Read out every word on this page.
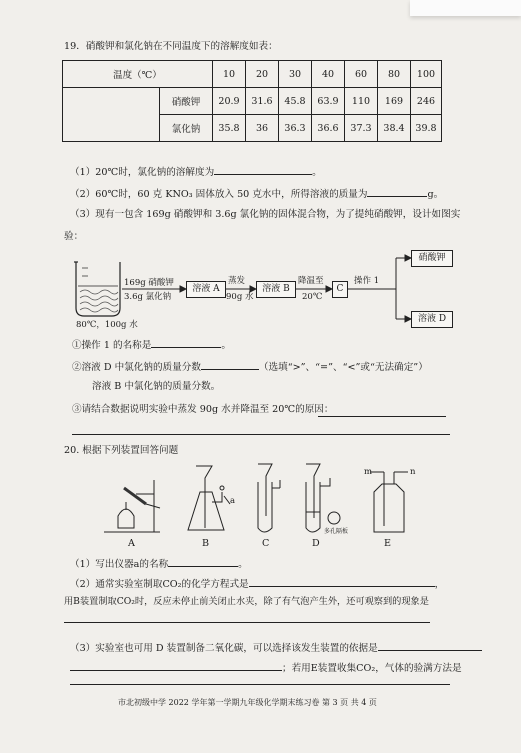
19．硝酸钾和氯化钠在不同温度下的溶解度如表：
温度（℃）		10	20	30	40	60	80	100
	硝酸钾	20.9	31.6	45.8	63.9	110	169	246
	氯化钠	35.8	36	36.3	36.6	37.3	38.4	39.8
（1）20℃时，氯化钠的溶解度为	。
（2）60℃时，60 克 KNO₃ 固体放入 50 克水中，所得溶液的质量为	g。
（3）现有一包含 169g 硝酸钾和 3.6g 氯化钠的固体混合物，为了提纯硝酸钾，设计如图实
验：
169g 硝酸钾
3.6g 氯化钠
溶液 A
蒸发
90g 水
溶液 B
降温至
20℃
C
操作 1
硝酸钾
溶液 D
80℃，100g 水
①操作 1 的名称是	。
②溶液 D 中氯化钠的质量分数	（选填“>”、“=”、“<”或“无法确定”）
溶液 B 中氯化钠的质量分数。
③请结合数据说明实验中蒸发 90g 水并降温至 20℃的原因：
20. 根据下列装置回答问题
a
m	n
多孔隔板
A	B	C	D	E
（1）写出仪器a的名称	。
（2）通常实验室制取CO₂的化学方程式是	，
用B装置制取CO₂时，反应未停止前关闭止水夹，除了有气泡产生外，还可观察到的现象是
（3）实验室也可用 D 装置制备二氧化碳，可以选择该发生装置的依据是
；若用E装置收集CO₂，气体的验满方法是
市北初级中学 2022 学年第一学期九年级化学期末练习卷 第 3 页 共 4 页
